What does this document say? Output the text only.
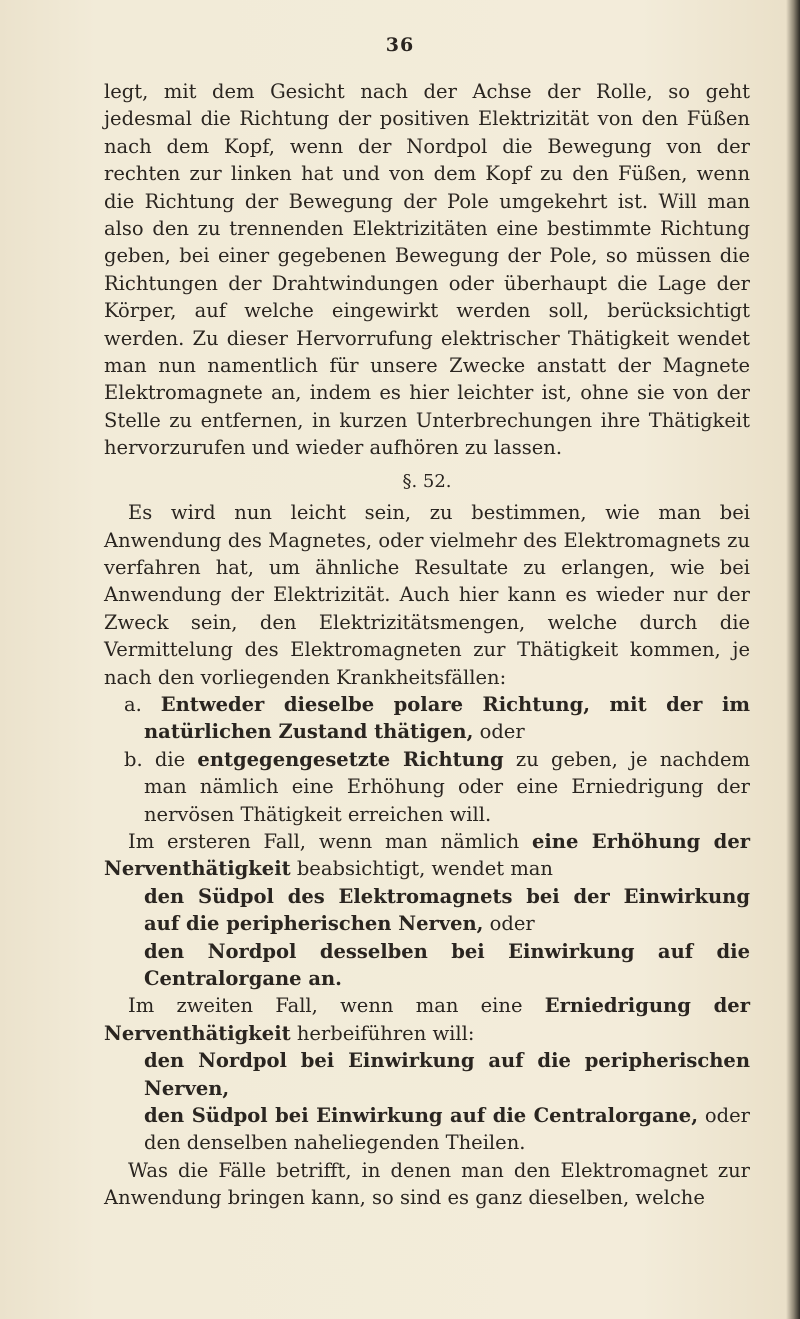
36

legt, mit dem Gesicht nach der Achse der Rolle, so geht jedesmal die Richtung der positiven Elektrizität von den Füßen nach dem Kopf, wenn der Nordpol die Bewegung von der rechten zur linken hat und von dem Kopf zu den Füßen, wenn die Richtung der Bewegung der Pole umgekehrt ist. Will man also den zu trennenden Elektrizitäten eine bestimmte Richtung geben, bei einer gegebenen Bewegung der Pole, so müssen die Richtungen der Drahtwindungen oder überhaupt die Lage der Körper, auf welche eingewirkt werden soll, berücksichtigt werden. Zu dieser Hervorrufung elektrischer Thätigkeit wendet man nun namentlich für unsere Zwecke anstatt der Magnete Elektromagnete an, indem es hier leichter ist, ohne sie von der Stelle zu entfernen, in kurzen Unterbrechungen ihre Thätigkeit hervorzurufen und wieder aufhören zu lassen.

§. 52.

Es wird nun leicht sein, zu bestimmen, wie man bei Anwendung des Magnetes, oder vielmehr des Elektromagnets zu verfahren hat, um ähnliche Resultate zu erlangen, wie bei Anwendung der Elektrizität. Auch hier kann es wieder nur der Zweck sein, den Elektrizitätsmengen, welche durch die Vermittelung des Elektromagneten zur Thätigkeit kommen, je nach den vorliegenden Krankheitsfällen:

a. Entweder dieselbe polare Richtung, mit der im natürlichen Zustand thätigen, oder

b. die entgegengesetzte Richtung zu geben, je nachdem man nämlich eine Erhöhung oder eine Erniedrigung der nervösen Thätigkeit erreichen will.

Im ersteren Fall, wenn man nämlich eine Erhöhung der Nerventhätigkeit beabsichtigt, wendet man

den Südpol des Elektromagnets bei der Einwirkung auf die peripherischen Nerven, oder

den Nordpol desselben bei Einwirkung auf die Centralorgane an.

Im zweiten Fall, wenn man eine Erniedrigung der Nerventhätigkeit herbeiführen will:

den Nordpol bei Einwirkung auf die peripherischen Nerven,

den Südpol bei Einwirkung auf die Centralorgane, oder den denselben naheliegenden Theilen.

Was die Fälle betrifft, in denen man den Elektromagnet zur Anwendung bringen kann, so sind es ganz dieselben, welche
